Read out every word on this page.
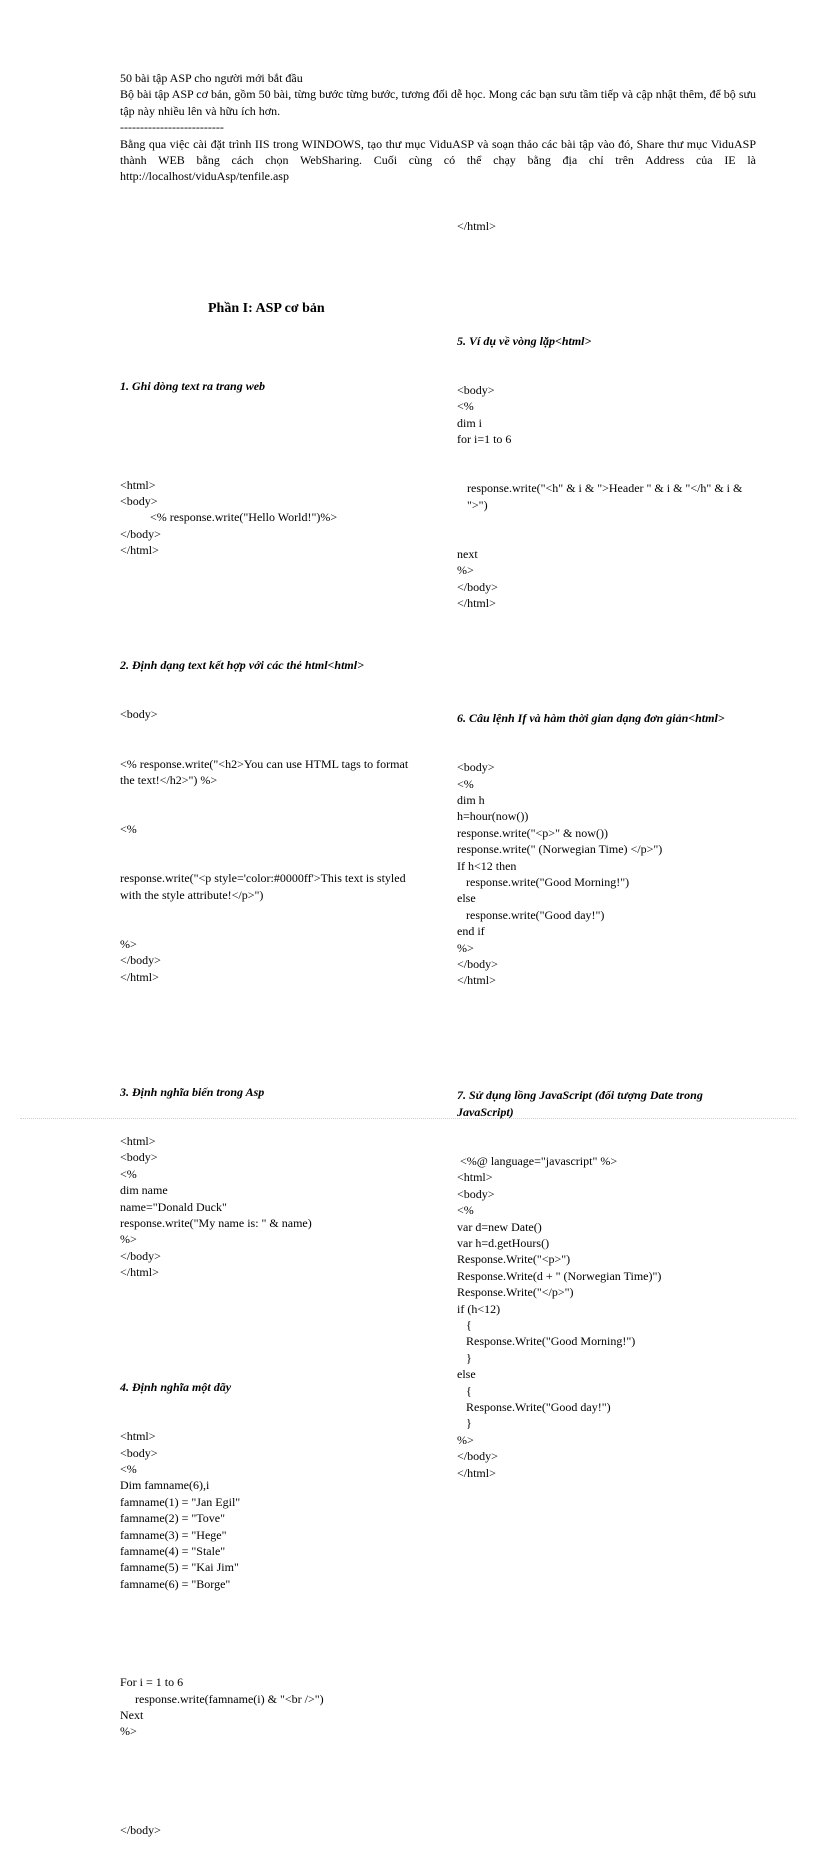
50 bài tập ASP cho người mới bắt đầu
Bộ bài tập ASP cơ bản, gồm 50 bài, từng bước từng bước, tương đối dễ học. Mong các bạn sưu tầm tiếp và cập nhật thêm, để bộ sưu tập này nhiều lên và hữu ích hơn.
--------------------------
Bằng qua việc cài đặt trình IIS trong WINDOWS, tạo thư mục ViduASP và soạn thảo các bài tập vào đó, Share thư mục ViduASP thành WEB bằng cách chọn WebSharing. Cuối cùng có thể chạy bằng địa chỉ trên Address của IE là http://localhost/viduAsp/tenfile.asp

Phần I: ASP cơ bản

1. Ghi dòng text ra trang web

<html>
<body>
<% response.write("Hello World!")%>
</body>
</html>

2. Định dạng text kết hợp với các thẻ html<html>

<body>

<% response.write("<h2>You can use HTML tags to format the text!</h2>") %>

<%

response.write("<p style='color:#0000ff'>This text is styled with the style attribute!</p>")

%>
</body>
</html>

3. Định nghĩa biến trong Asp

<html>
<body>
<%
dim name
name="Donald Duck"
response.write("My name is: " & name)
%>
</body>
</html>

4. Định nghĩa một dãy

<html>
<body>
<%
Dim famname(6),i
famname(1) = "Jan Egil"
famname(2) = "Tove"
famname(3) = "Hege"
famname(4) = "Stale"
famname(5) = "Kai Jim"
famname(6) = "Borge"

For i = 1 to 6
response.write(famname(i) & "<br />")
Next
%>

</body>

</html>

5. Ví dụ về vòng lặp<html>

<body>
<%
dim i
for i=1 to 6

response.write("<h" & i & ">Header " & i & "</h" & i & ">")

next
%>
</body>
</html>

6. Câu lệnh If và hàm thời gian dạng đơn giản<html>

<body>
<%
dim h
h=hour(now())
response.write("<p>" & now())
response.write(" (Norwegian Time) </p>")
If h<12 then
response.write("Good Morning!")
else
response.write("Good day!")
end if
%>
</body>
</html>

7. Sử dụng lồng JavaScript (đối tượng Date trong JavaScript)

<%@ language="javascript" %>
<html>
<body>
<%
var d=new Date()
var h=d.getHours()
Response.Write("<p>")
Response.Write(d + " (Norwegian Time)")
Response.Write("</p>")
if (h<12)
{
Response.Write("Good Morning!")
}
else
{
Response.Write("Good day!")
}
%>
</body>
</html>
